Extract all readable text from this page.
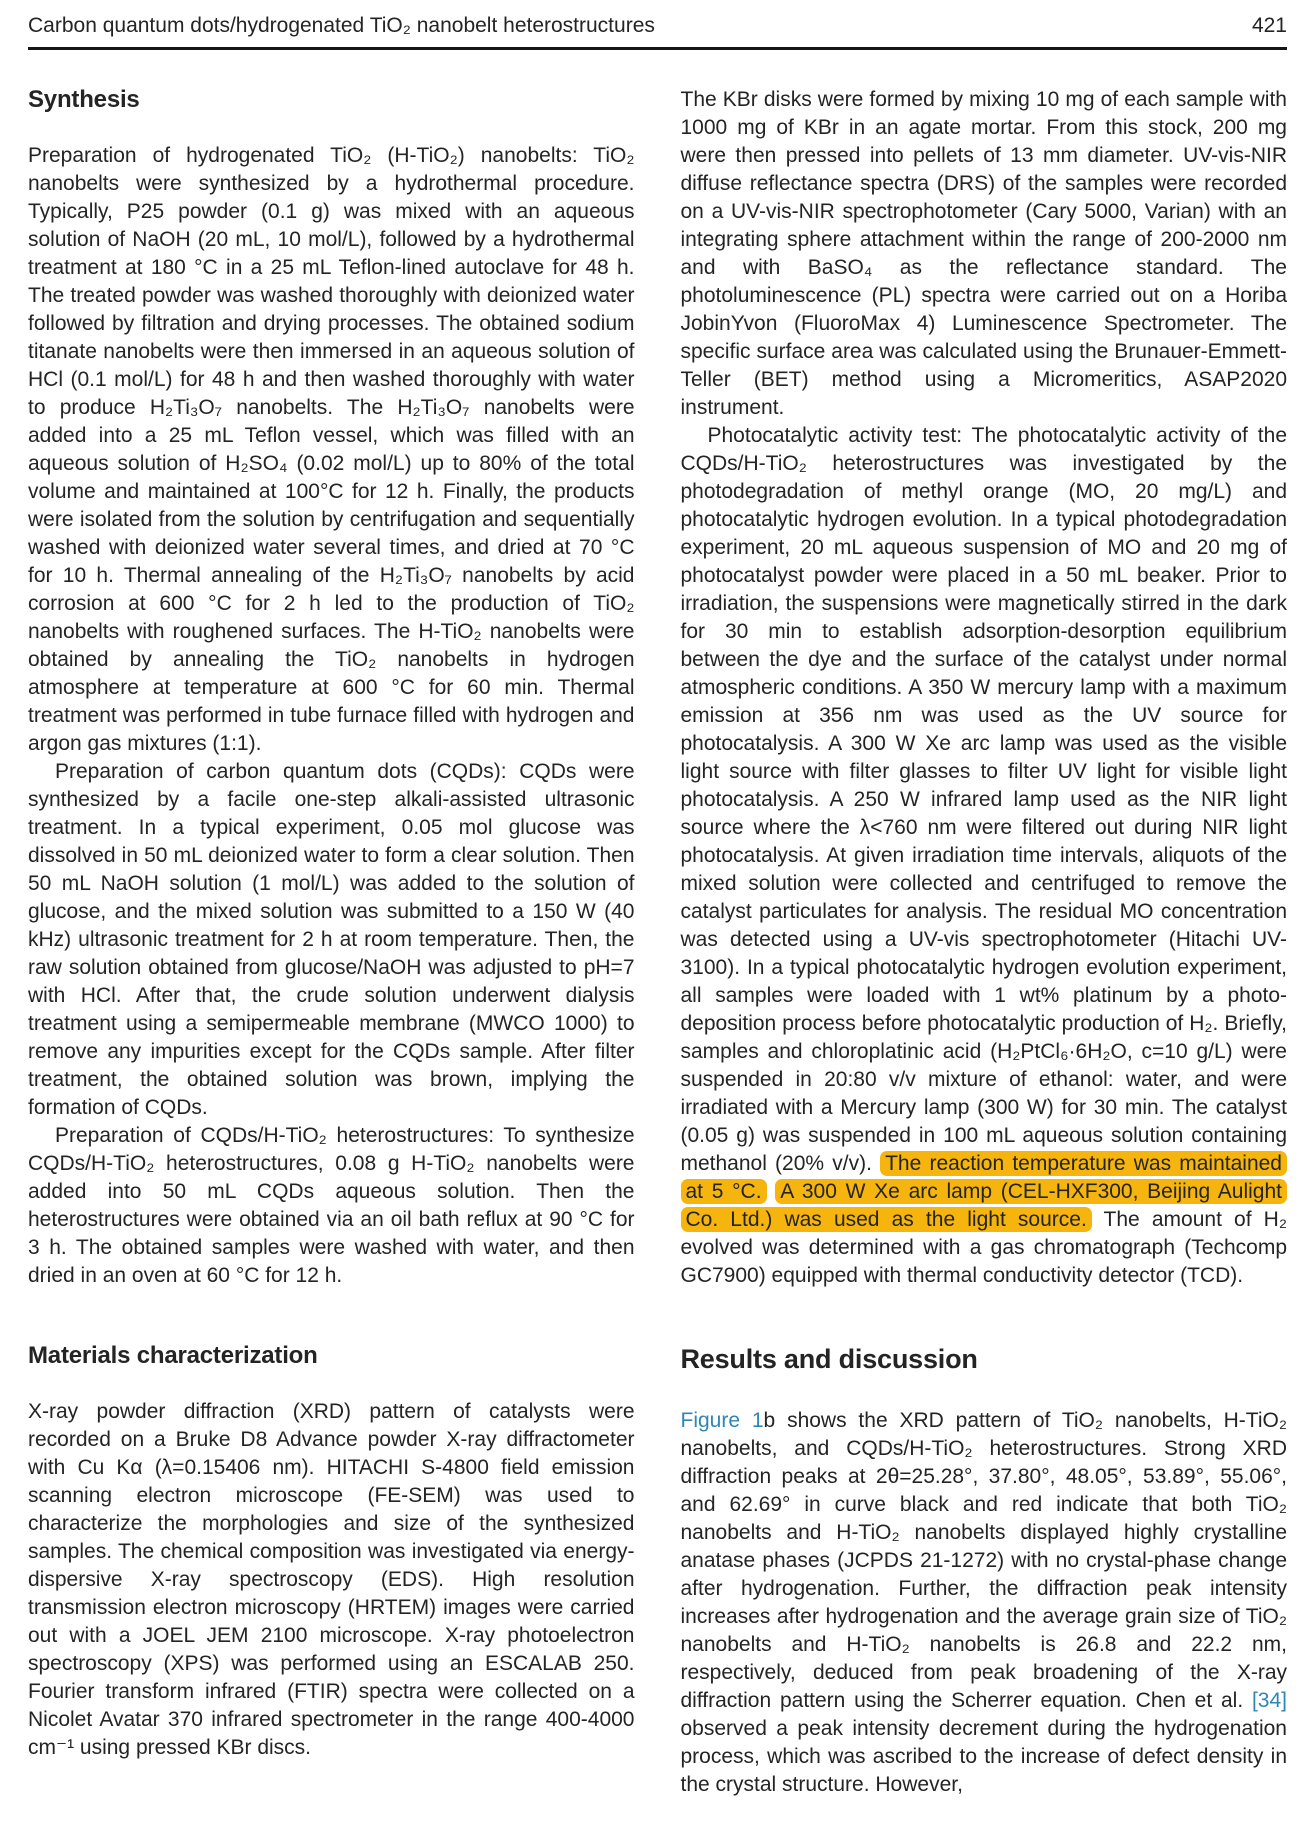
Carbon quantum dots/hydrogenated TiO₂ nanobelt heterostructures	421
Synthesis

Preparation of hydrogenated TiO₂ (H-TiO₂) nanobelts: TiO₂ nanobelts were synthesized by a hydrothermal procedure. Typically, P25 powder (0.1 g) was mixed with an aqueous solution of NaOH (20 mL, 10 mol/L), followed by a hydrothermal treatment at 180 °C in a 25 mL Teflon-lined autoclave for 48 h. The treated powder was washed thoroughly with deionized water followed by filtration and drying processes. The obtained sodium titanate nanobelts were then immersed in an aqueous solution of HCl (0.1 mol/L) for 48 h and then washed thoroughly with water to produce H₂Ti₃O₇ nanobelts. The H₂Ti₃O₇ nanobelts were added into a 25 mL Teflon vessel, which was filled with an aqueous solution of H₂SO₄ (0.02 mol/L) up to 80% of the total volume and maintained at 100°C for 12 h. Finally, the products were isolated from the solution by centrifugation and sequentially washed with deionized water several times, and dried at 70 °C for 10 h. Thermal annealing of the H₂Ti₃O₇ nanobelts by acid corrosion at 600 °C for 2 h led to the production of TiO₂ nanobelts with roughened surfaces. The H-TiO₂ nanobelts were obtained by annealing the TiO₂ nanobelts in hydrogen atmosphere at temperature at 600 °C for 60 min. Thermal treatment was performed in tube furnace filled with hydrogen and argon gas mixtures (1:1).

Preparation of carbon quantum dots (CQDs): CQDs were synthesized by a facile one-step alkali-assisted ultrasonic treatment. In a typical experiment, 0.05 mol glucose was dissolved in 50 mL deionized water to form a clear solution. Then 50 mL NaOH solution (1 mol/L) was added to the solution of glucose, and the mixed solution was submitted to a 150 W (40 kHz) ultrasonic treatment for 2 h at room temperature. Then, the raw solution obtained from glucose/NaOH was adjusted to pH=7 with HCl. After that, the crude solution underwent dialysis treatment using a semipermeable membrane (MWCO 1000) to remove any impurities except for the CQDs sample. After filter treatment, the obtained solution was brown, implying the formation of CQDs.

Preparation of CQDs/H-TiO₂ heterostructures: To synthesize CQDs/H-TiO₂ heterostructures, 0.08 g H-TiO₂ nanobelts were added into 50 mL CQDs aqueous solution. Then the heterostructures were obtained via an oil bath reflux at 90 °C for 3 h. The obtained samples were washed with water, and then dried in an oven at 60 °C for 12 h.

Materials characterization

X-ray powder diffraction (XRD) pattern of catalysts were recorded on a Bruke D8 Advance powder X-ray diffractometer with Cu Kα (λ=0.15406 nm). HITACHI S-4800 field emission scanning electron microscope (FE-SEM) was used to characterize the morphologies and size of the synthesized samples. The chemical composition was investigated via energy-dispersive X-ray spectroscopy (EDS). High resolution transmission electron microscopy (HRTEM) images were carried out with a JOEL JEM 2100 microscope. X-ray photoelectron spectroscopy (XPS) was performed using an ESCALAB 250. Fourier transform infrared (FTIR) spectra were collected on a Nicolet Avatar 370 infrared spectrometer in the range 400-4000 cm⁻¹ using pressed KBr discs.

The KBr disks were formed by mixing 10 mg of each sample with 1000 mg of KBr in an agate mortar. From this stock, 200 mg were then pressed into pellets of 13 mm diameter. UV-vis-NIR diffuse reflectance spectra (DRS) of the samples were recorded on a UV-vis-NIR spectrophotometer (Cary 5000, Varian) with an integrating sphere attachment within the range of 200-2000 nm and with BaSO₄ as the reflectance standard. The photoluminescence (PL) spectra were carried out on a Horiba JobinYvon (FluoroMax 4) Luminescence Spectrometer. The specific surface area was calculated using the Brunauer-Emmett-Teller (BET) method using a Micromeritics, ASAP2020 instrument.

Photocatalytic activity test: The photocatalytic activity of the CQDs/H-TiO₂ heterostructures was investigated by the photodegradation of methyl orange (MO, 20 mg/L) and photocatalytic hydrogen evolution. In a typical photodegradation experiment, 20 mL aqueous suspension of MO and 20 mg of photocatalyst powder were placed in a 50 mL beaker. Prior to irradiation, the suspensions were magnetically stirred in the dark for 30 min to establish adsorption-desorption equilibrium between the dye and the surface of the catalyst under normal atmospheric conditions. A 350 W mercury lamp with a maximum emission at 356 nm was used as the UV source for photocatalysis. A 300 W Xe arc lamp was used as the visible light source with filter glasses to filter UV light for visible light photocatalysis. A 250 W infrared lamp used as the NIR light source where the λ<760 nm were filtered out during NIR light photocatalysis. At given irradiation time intervals, aliquots of the mixed solution were collected and centrifuged to remove the catalyst particulates for analysis. The residual MO concentration was detected using a UV-vis spectrophotometer (Hitachi UV-3100). In a typical photocatalytic hydrogen evolution experiment, all samples were loaded with 1 wt% platinum by a photo-deposition process before photocatalytic production of H₂. Briefly, samples and chloroplatinic acid (H₂PtCl₆·6H₂O, c=10 g/L) were suspended in 20:80 v/v mixture of ethanol: water, and were irradiated with a Mercury lamp (300 W) for 30 min. The catalyst (0.05 g) was suspended in 100 mL aqueous solution containing methanol (20% v/v). The reaction temperature was maintained at 5 °C. A 300 W Xe arc lamp (CEL-HXF300, Beijing Aulight Co. Ltd.) was used as the light source. The amount of H₂ evolved was determined with a gas chromatograph (Techcomp GC7900) equipped with thermal conductivity detector (TCD).

Results and discussion

Figure 1b shows the XRD pattern of TiO₂ nanobelts, H-TiO₂ nanobelts, and CQDs/H-TiO₂ heterostructures. Strong XRD diffraction peaks at 2θ=25.28°, 37.80°, 48.05°, 53.89°, 55.06°, and 62.69° in curve black and red indicate that both TiO₂ nanobelts and H-TiO₂ nanobelts displayed highly crystalline anatase phases (JCPDS 21-1272) with no crystal-phase change after hydrogenation. Further, the diffraction peak intensity increases after hydrogenation and the average grain size of TiO₂ nanobelts and H-TiO₂ nanobelts is 26.8 and 22.2 nm, respectively, deduced from peak broadening of the X-ray diffraction pattern using the Scherrer equation. Chen et al. [34] observed a peak intensity decrement during the hydrogenation process, which was ascribed to the increase of defect density in the crystal structure. However,
